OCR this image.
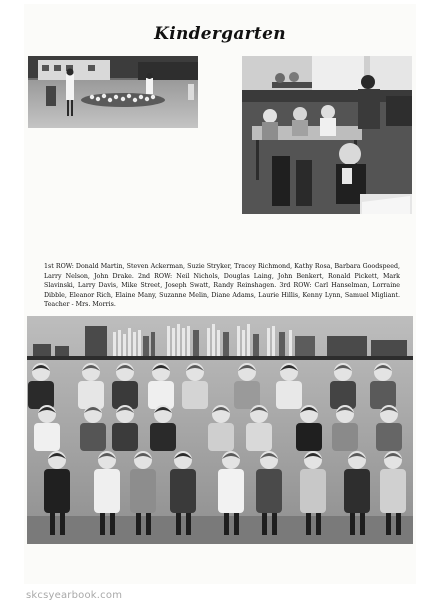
Kindergarten
1st ROW: Donald Martin, Steven Ackerman, Suzie Stryker, Tracey Richmond, Kathy Rosa, Barbara Goodspeed, Larry Nelson, John Drake. 2nd ROW: Neil Nichols, Douglas Laing, John Benkert, Ronald Pickett, Mark Slavinski, Larry Davis, Mike Street, Joseph Swatt, Randy Reinshagen. 3rd ROW: Carl Hanselman, Lorraine Dibble, Eleanor Rich, Elaine Many, Suzanne Melin, Diane Adams, Laurie Hillis, Kenny Lynn, Samuel Migliant. Teacher - Mrs. Morris.
skcsyearbook.com
